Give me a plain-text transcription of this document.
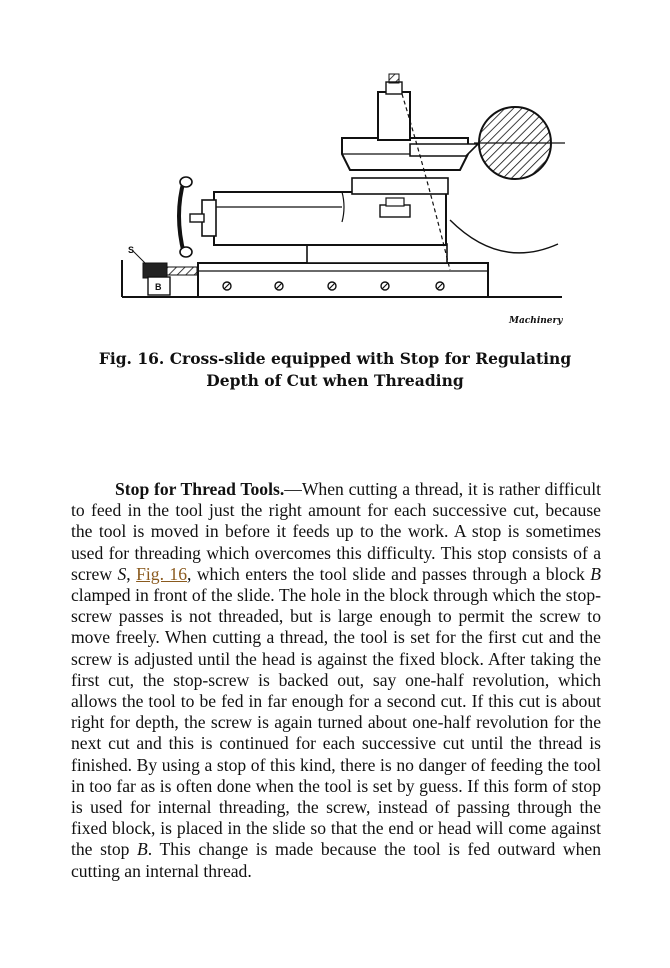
S
B
Machinery
Fig. 16. Cross-slide equipped with Stop for Regulating
Depth of Cut when Threading

Stop for Thread Tools.—When cutting a thread, it is rather difficult to feed in the tool just the right amount for each successive cut, because the tool is moved in before it feeds up to the work. A stop is sometimes used for threading which overcomes this difficulty. This stop consists of a screw S, Fig. 16, which enters the tool slide and passes through a block B clamped in front of the slide. The hole in the block through which the stop-screw passes is not threaded, but is large enough to permit the screw to move freely. When cutting a thread, the tool is set for the first cut and the screw is adjusted until the head is against the fixed block. After taking the first cut, the stop-screw is backed out, say one-half revolution, which allows the tool to be fed in far enough for a second cut. If this cut is about right for depth, the screw is again turned about one-half revolution for the next cut and this is continued for each successive cut until the thread is finished. By using a stop of this kind, there is no danger of feeding the tool in too far as is often done when the tool is set by guess. If this form of stop is used for internal threading, the screw, instead of passing through the fixed block, is placed in the slide so that the end or head will come against the stop B. This change is made because the tool is fed outward when cutting an internal thread.
